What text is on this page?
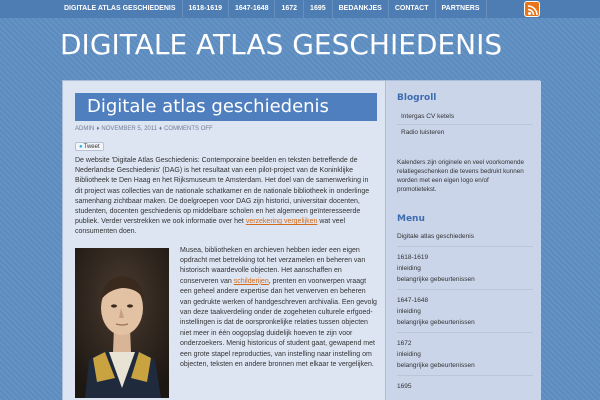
DIGITALE ATLAS GESCHIEDENIS	1618-1619	1647-1648	1672	1695	BEDANKJES	CONTACT	PARTNERS
DIGITALE ATLAS GESCHIEDENIS
Digitale atlas geschiedenis
ADMIN ♦ NOVEMBER 5, 2011 ♦ COMMENTS OFF
●Tweet

De website 'Digitale Atlas Geschiedenis: Contemporaine beelden en teksten betreffende de Nederlandse Geschiedenis' (DAG) is het resultaat van een pilot-project van de Koninklijke Bibliotheek te Den Haag en het Rijksmuseum te Amsterdam. Het doel van de samenwerking in dit project was collecties van de nationale schatkamer en de nationale bibliotheek in onderlinge samenhang zichtbaar maken. De doelgroepen voor DAG zijn historici, universitair docenten, studenten, docenten geschiedenis op middelbare scholen en het algemeen geïnteresseerde publiek. Verder verstrekken we ook informatie over het verzekering vergelijken wat veel consumenten doen.

Musea, bibliotheken en archieven hebben ieder een eigen opdracht met betrekking tot het verzamelen en beheren van historisch waardevolle objecten. Het aanschaffen en conserveren van schilderijen, prenten en voorwerpen vraagt een geheel andere expertise dan het verwerven en beheren van gedrukte werken of handgeschreven archivalia. Een gevolg van deze taakverdeling onder de zogeheten culturele erfgoed-instellingen is dat de oorspronkelijke relaties tussen objecten niet meer in één oogopslag duidelijk hoeven te zijn voor onderzoekers. Menig historicus of student gaat, gewapend met een grote stapel reproducties, van instelling naar instelling om objecten, teksten en andere bronnen met elkaar te vergelijken.

Blogroll
Intergas CV ketels
Radio luisteren

Kalenders zijn originele en veel voorkomende relatiegeschenken die tevens bedrukt kunnen worden met een eigen logo en/of promotietekst.

Menu
Digitale atlas geschiedenis
1618-1619
inleiding
belangrijke gebeurtenissen
1647-1648
inleiding
belangrijke gebeurtenissen
1672
inleiding
belangrijke gebeurtenissen
1695
